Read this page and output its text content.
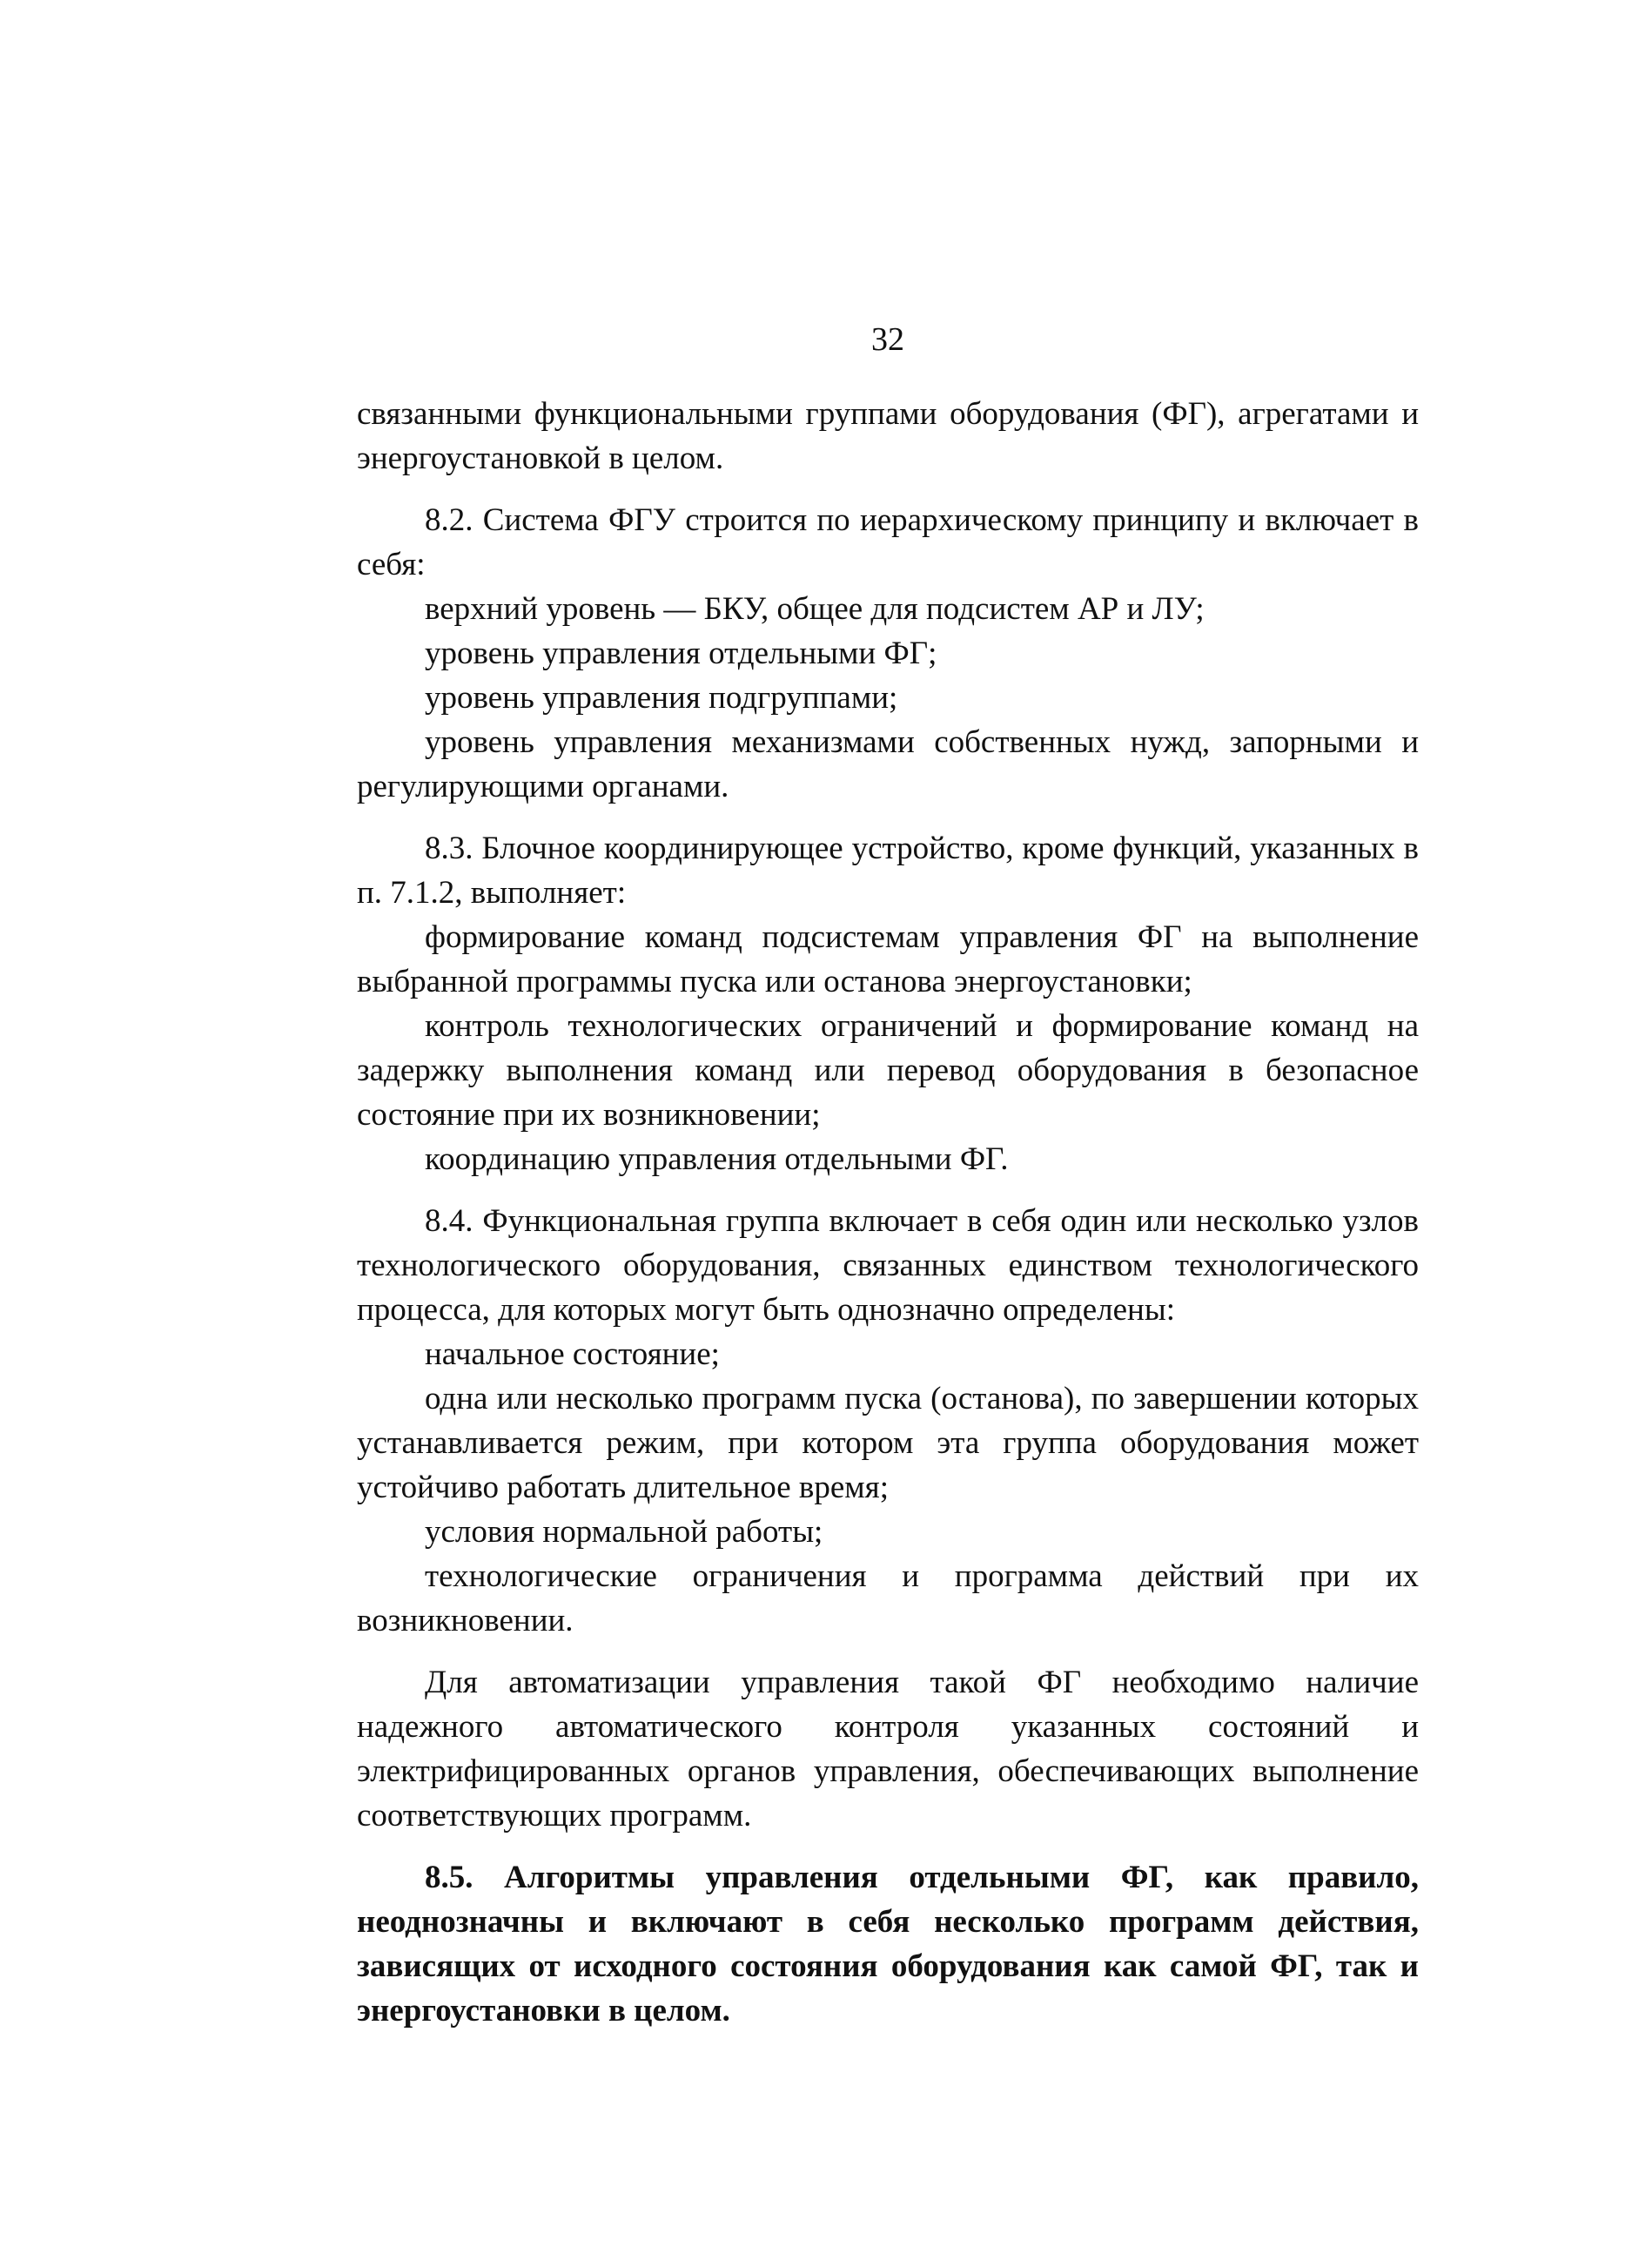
32

связанными функциональными группами оборудования (ФГ), агрегатами и энергоустановкой в целом.

8.2. Система ФГУ строится по иерархическому принципу и включает в себя:

верхний уровень — БКУ, общее для подсистем АР и ЛУ;

уровень управления отдельными ФГ;

уровень управления подгруппами;

уровень управления механизмами собственных нужд, запорными и регулирующими органами.

8.3. Блочное координирующее устройство, кроме функций, указанных в п. 7.1.2, выполняет:

формирование команд подсистемам управления ФГ на выполнение выбранной программы пуска или останова энергоустановки;

контроль технологических ограничений и формирование команд на задержку выполнения команд или перевод оборудования в безопасное состояние при их возникновении;

координацию управления отдельными ФГ.

8.4. Функциональная группа включает в себя один или несколько узлов технологического оборудования, связанных единством технологического процесса, для которых могут быть однозначно определены:

начальное состояние;

одна или несколько программ пуска (останова), по завершении которых устанавливается режим, при котором эта группа оборудования может устойчиво работать длительное время;

условия нормальной работы;

технологические ограничения и программа действий при их возникновении.

Для автоматизации управления такой ФГ необходимо наличие надежного автоматического контроля указанных состояний и электрифицированных органов управления, обеспечивающих выполнение соответствующих программ.

8.5. Алгоритмы управления отдельными ФГ, как правило, неоднозначны и включают в себя несколько программ действия, зависящих от исходного состояния оборудования как самой ФГ, так и энергоустановки в целом.
